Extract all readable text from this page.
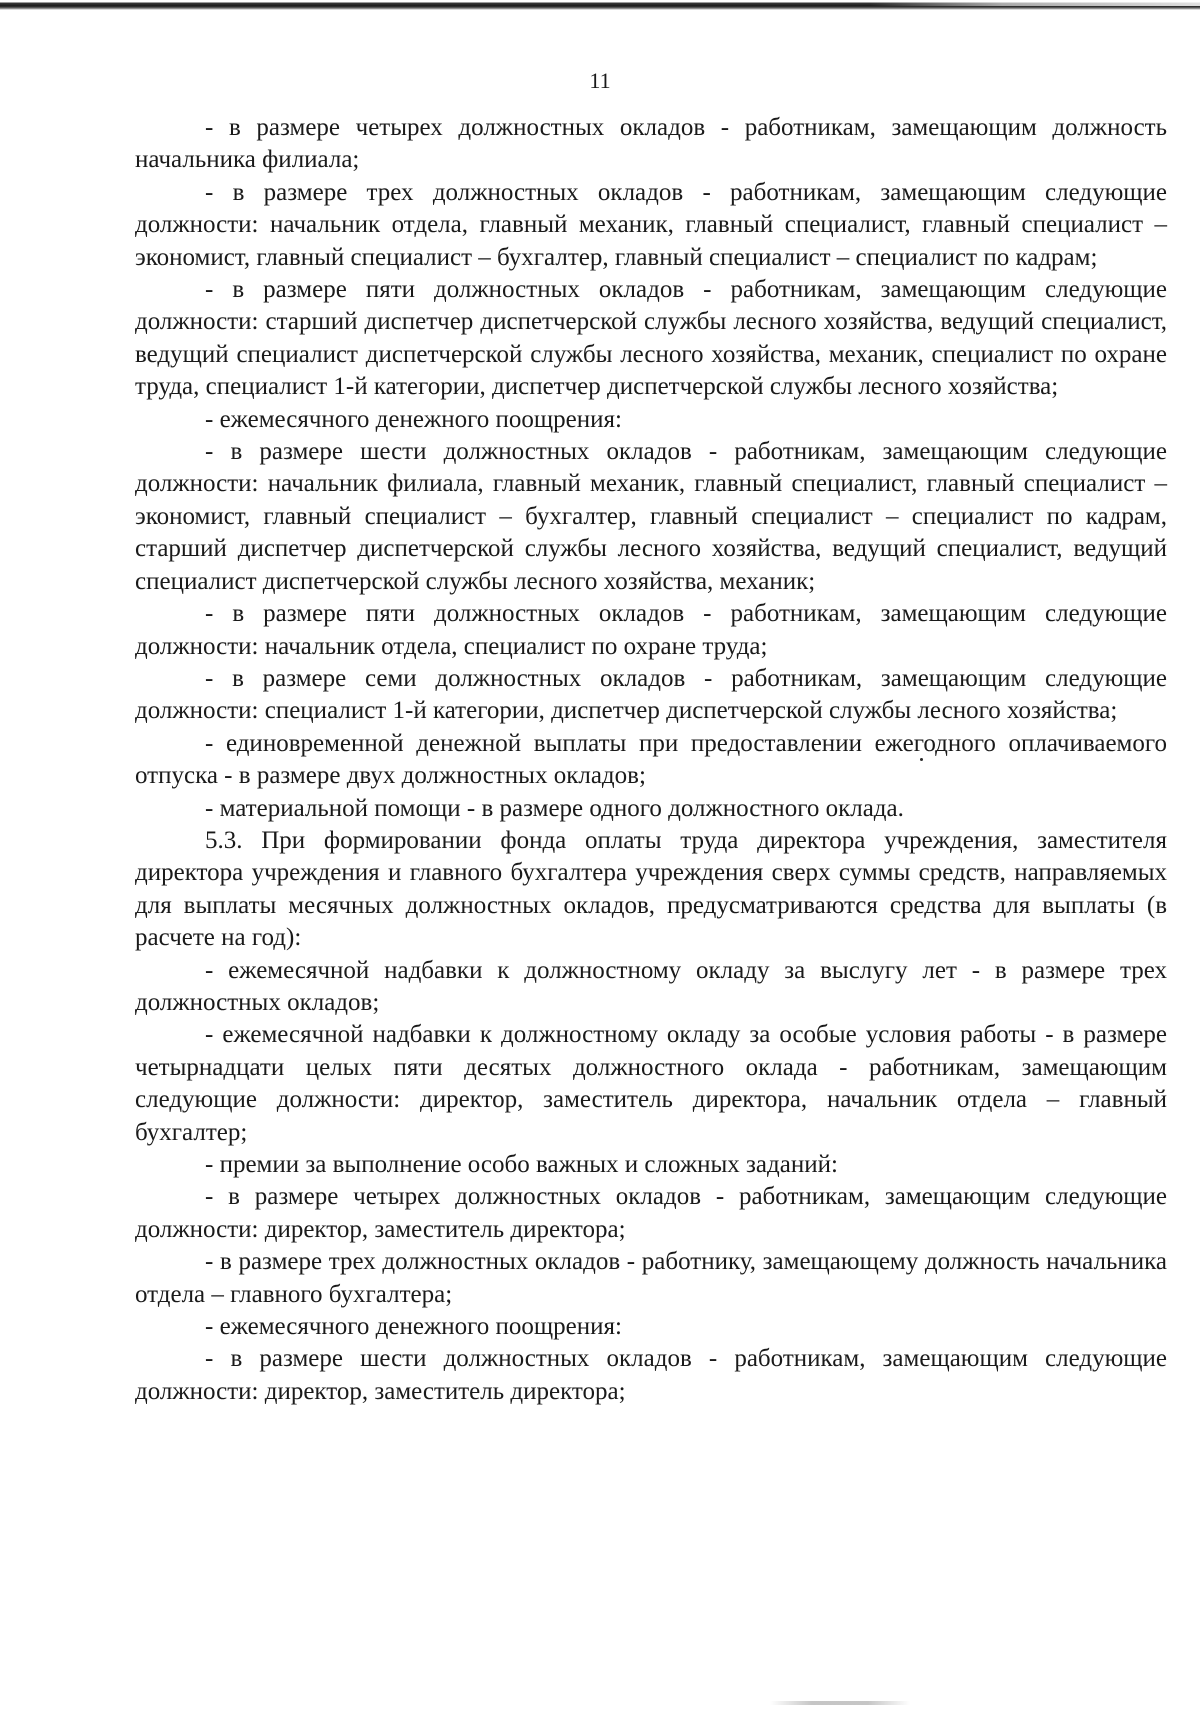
11

- в размере четырех должностных окладов - работникам, замещающим должность начальника филиала;

- в размере трех должностных окладов - работникам, замещающим следующие должности: начальник отдела, главный механик, главный специалист, главный специалист – экономист, главный специалист – бухгалтер, главный специалист – специалист по кадрам;

- в размере пяти должностных окладов - работникам, замещающим следующие должности: старший диспетчер диспетчерской службы лесного хозяйства, ведущий специалист, ведущий специалист диспетчерской службы лесного хозяйства, механик, специалист по охране труда, специалист 1-й категории, диспетчер диспетчерской службы лесного хозяйства;

- ежемесячного денежного поощрения:

- в размере шести должностных окладов - работникам, замещающим следующие должности: начальник филиала, главный механик, главный специалист, главный специалист – экономист, главный специалист – бухгалтер, главный специалист – специалист по кадрам, старший диспетчер диспетчерской службы лесного хозяйства, ведущий специалист, ведущий специалист диспетчерской службы лесного хозяйства, механик;

- в размере пяти должностных окладов - работникам, замещающим следующие должности: начальник отдела, специалист по охране труда;

- в размере семи должностных окладов - работникам, замещающим следующие должности: специалист 1-й категории, диспетчер диспетчерской службы лесного хозяйства;

- единовременной денежной выплаты при предоставлении ежегодного оплачиваемого отпуска - в размере двух должностных окладов;

- материальной помощи - в размере одного должностного оклада.

5.3. При формировании фонда оплаты труда директора учреждения, заместителя директора учреждения и главного бухгалтера учреждения сверх суммы средств, направляемых для выплаты месячных должностных окладов, предусматриваются средства для выплаты (в расчете на год):

- ежемесячной надбавки к должностному окладу за выслугу лет - в размере трех должностных окладов;

- ежемесячной надбавки к должностному окладу за особые условия работы - в размере четырнадцати целых пяти десятых должностного оклада - работникам, замещающим следующие должности: директор, заместитель директора, начальник отдела – главный бухгалтер;

- премии за выполнение особо важных и сложных заданий:

- в размере четырех должностных окладов - работникам, замещающим следующие должности: директор, заместитель директора;

- в размере трех должностных окладов - работнику, замещающему должность начальника отдела – главного бухгалтера;

- ежемесячного денежного поощрения:

- в размере шести должностных окладов - работникам, замещающим следующие должности: директор, заместитель директора;
